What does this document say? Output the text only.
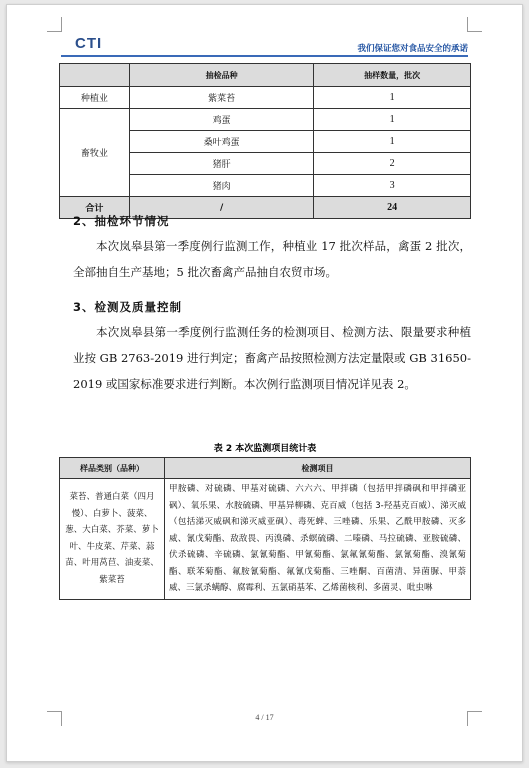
CTI	我们保证您对食品安全的承诺
	抽检品种	抽样数量，批次
种植业	紫菜苔	1
畜牧业	鸡蛋	1
	桑叶鸡蛋	1
	猪肝	2
	猪肉	3
合计	/	24
2、抽检环节情况
本次岚皋县第一季度例行监测工作，种植业 17 批次样品，禽蛋 2 批次，全部抽自生产基地；5 批次畜禽产品抽自农贸市场。
3、检测及质量控制
本次岚皋县第一季度例行监测任务的检测项目、检测方法、限量要求种植业按 GB 2763-2019 进行判定；畜禽产品按照检测方法定量限或 GB 31650-2019 或国家标准要求进行判断。本次例行监测项目情况详见表 2。
表 2 本次监测项目统计表
样品类别（品种）	检测项目
菜苔、普通白菜（四月慢）、白萝卜、菠菜、葱、大白菜、芥菜、萝卜叶、牛皮菜、芹菜、蒜苗、叶用莴苣、油麦菜、紫菜苔	甲胺磷、对硫磷、甲基对硫磷、六六六、甲拌磷（包括甲拌磷砜和甲拌磷亚砜）、氧乐果、水胺硫磷、甲基异柳磷、克百威（包括 3-羟基克百威）、涕灭威（包括涕灭威砜和涕灭威亚砜）、毒死蜱、三唑磷、乐果、乙酰甲胺磷、灭多威、氰戊菊酯、敌敌畏、丙溴磷、杀螟硫磷、二嗪磷、马拉硫磷、亚胺硫磷、伏杀硫磷、辛硫磷、氯氰菊酯、甲氰菊酯、氯氟氰菊酯、氯氰菊酯、溴氰菊酯、联苯菊酯、氟胺氰菊酯、氟氰戊菊酯、三唑酮、百菌清、异菌脲、甲萘威、三氯杀螨醇、腐霉利、五氯硝基苯、乙烯菌核利、多菌灵、吡虫啉
4 / 17
